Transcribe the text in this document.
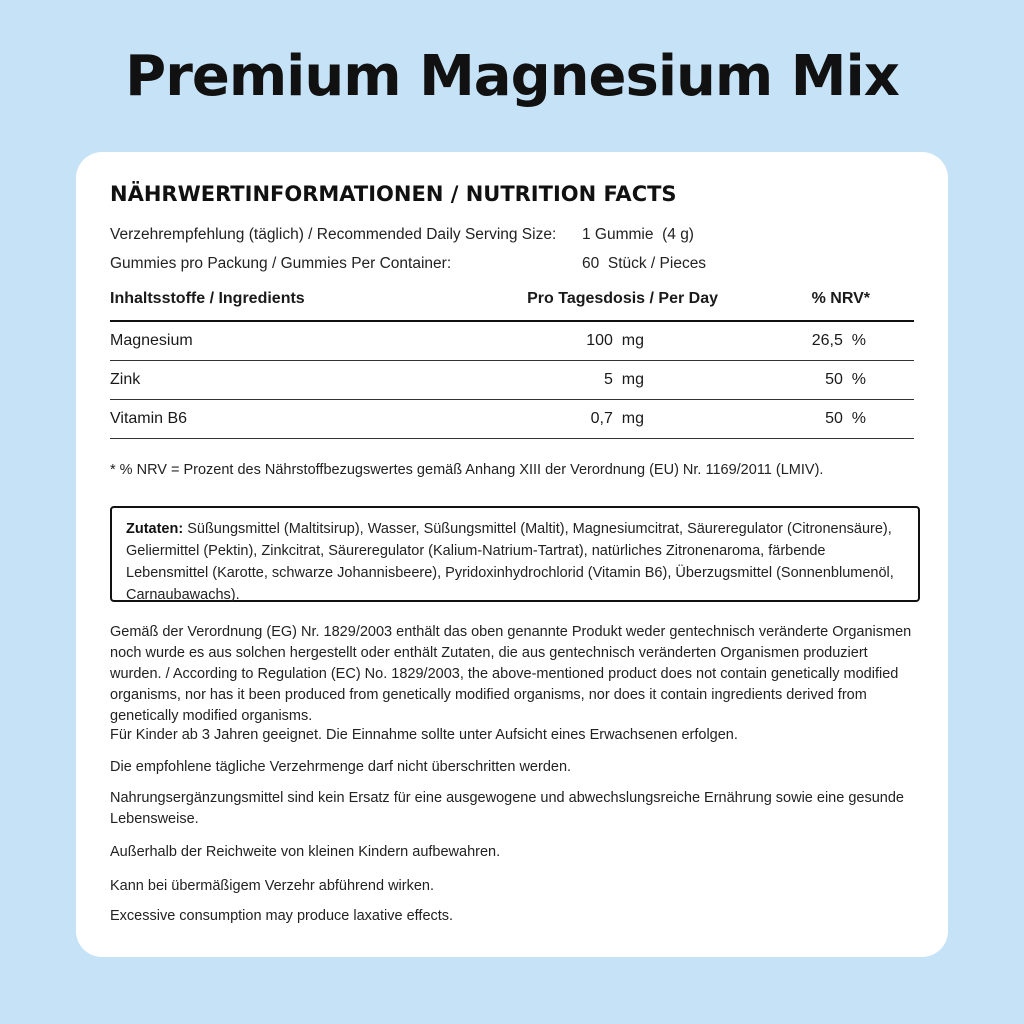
Premium Magnesium Mix
NÄHRWERTINFORMATIONEN / NUTRITION FACTS
Verzehrempfehlung (täglich) / Recommended Daily Serving Size: 1 Gummie  (4 g)
Gummies pro Packung / Gummies Per Container:	60  Stück / Pieces
Inhaltsstoffe / Ingredients	Pro Tagesdosis / Per Day	% NRV*
Magnesium	100  mg	26,5  %
Zink	5  mg	50  %
Vitamin B6	0,7  mg	50  %
* % NRV = Prozent des Nährstoffbezugswertes gemäß Anhang XIII der Verordnung (EU) Nr. 1169/2011 (LMIV).
Zutaten: Süßungsmittel (Maltitsirup), Wasser, Süßungsmittel (Maltit), Magnesiumcitrat, Säureregulator (Citronensäure), Geliermittel (Pektin), Zinkcitrat, Säureregulator (Kalium-Natrium-Tartrat), natürliches Zitronenaroma, färbende Lebensmittel (Karotte, schwarze Johannisbeere), Pyridoxinhydrochlorid (Vitamin B6), Überzugsmittel (Sonnenblumenöl, Carnaubawachs).
Gemäß der Verordnung (EG) Nr. 1829/2003 enthält das oben genannte Produkt weder gentechnisch veränderte Organismen noch wurde es aus solchen hergestellt oder enthält Zutaten, die aus gentechnisch veränderten Organismen produziert wurden. / According to Regulation (EC) No. 1829/2003, the above-mentioned product does not contain genetically modified organisms, nor has it been produced from genetically modified organisms, nor does it contain ingredients derived from genetically modified organisms.
Für Kinder ab 3 Jahren geeignet. Die Einnahme sollte unter Aufsicht eines Erwachsenen erfolgen.
Die empfohlene tägliche Verzehrmenge darf nicht überschritten werden.
Nahrungsergänzungsmittel sind kein Ersatz für eine ausgewogene und abwechslungsreiche Ernährung sowie eine gesunde Lebensweise.
Außerhalb der Reichweite von kleinen Kindern aufbewahren.
Kann bei übermäßigem Verzehr abführend wirken.
Excessive consumption may produce laxative effects.
